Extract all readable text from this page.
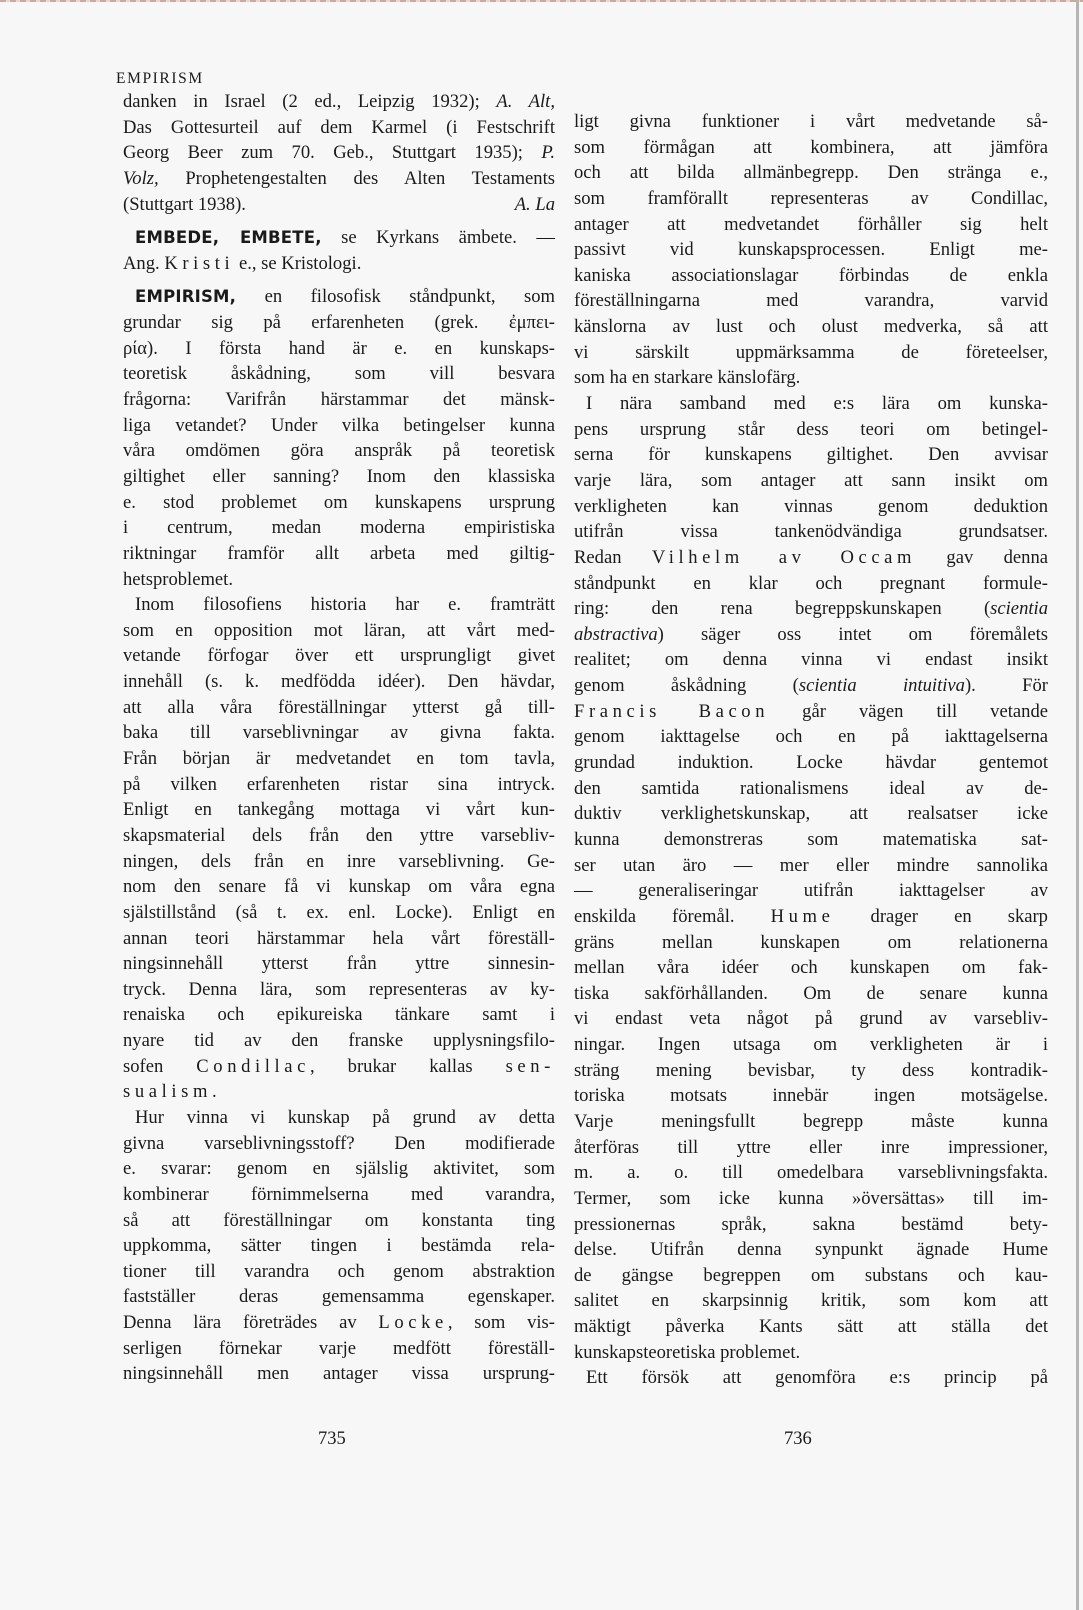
EMPIRISM
danken in Israel (2 ed., Leipzig 1932); A. Alt,
Das Gottesurteil auf dem Karmel (i Festschrift
Georg Beer zum 70. Geb., Stuttgart 1935); P.
Volz, Prophetengestalten des Alten Testaments
(Stuttgart 1938).	A. La
EMBEDE, EMBETE, se Kyrkans ämbete. —
Ang. Kristi e., se Kristologi.
EMPIRISM, en filosofisk ståndpunkt, som
grundar sig på erfarenheten (grek. ἐμπει-
ρία). I första hand är e. en kunskaps-
teoretisk åskådning, som vill besvara
frågorna: Varifrån härstammar det mänsk-
liga vetandet? Under vilka betingelser kunna
våra omdömen göra anspråk på teoretisk
giltighet eller sanning? Inom den klassiska
e. stod problemet om kunskapens ursprung
i centrum, medan moderna empiristiska
riktningar framför allt arbeta med giltig-
hetsproblemet.
Inom filosofiens historia har e. framträtt
som en opposition mot läran, att vårt med-
vetande förfogar över ett ursprungligt givet
innehåll (s. k. medfödda idéer). Den hävdar,
att alla våra föreställningar ytterst gå till-
baka till varseblivningar av givna fakta.
Från början är medvetandet en tom tavla,
på vilken erfarenheten ristar sina intryck.
Enligt en tankegång mottaga vi vårt kun-
skapsmaterial dels från den yttre varsebliv-
ningen, dels från en inre varseblivning. Ge-
nom den senare få vi kunskap om våra egna
själstillstånd (så t. ex. enl. Locke). Enligt en
annan teori härstammar hela vårt föreställ-
ningsinnehåll ytterst från yttre sinnesin-
tryck. Denna lära, som representeras av ky-
renaiska och epikureiska tänkare samt i
nyare tid av den franske upplysningsfilo-
sofen Condillac, brukar kallas sen-
sualism.
Hur vinna vi kunskap på grund av detta
givna varseblivningsstoff? Den modifierade
e. svarar: genom en själslig aktivitet, som
kombinerar förnimmelserna med varandra,
så att föreställningar om konstanta ting
uppkomma, sätter tingen i bestämda rela-
tioner till varandra och genom abstraktion
fastställer deras gemensamma egenskaper.
Denna lära företrädes av Locke, som vis-
serligen förnekar varje medfött föreställ-
ningsinnehåll men antager vissa ursprung-
ligt givna funktioner i vårt medvetande så-
som förmågan att kombinera, att jämföra
och att bilda allmänbegrepp. Den stränga e.,
som framförallt representeras av Condillac,
antager att medvetandet förhåller sig helt
passivt vid kunskapsprocessen. Enligt me-
kaniska associationslagar förbindas de enkla
föreställningarna med varandra, varvid
känslorna av lust och olust medverka, så att
vi särskilt uppmärksamma de företeelser,
som ha en starkare känslofärg.
I nära samband med e:s lära om kunska-
pens ursprung står dess teori om betingel-
serna för kunskapens giltighet. Den avvisar
varje lära, som antager att sann insikt om
verkligheten kan vinnas genom deduktion
utifrån vissa tankenödvändiga grundsatser.
Redan Vilhelm av Occam gav denna
ståndpunkt en klar och pregnant formule-
ring: den rena begreppskunskapen (scientia
abstractiva) säger oss intet om föremålets
realitet; om denna vinna vi endast insikt
genom åskådning (scientia intuitiva). För
Francis Bacon går vägen till vetande
genom iakttagelse och en på iakttagelserna
grundad induktion. Locke hävdar gentemot
den samtida rationalismens ideal av de-
duktiv verklighetskunskap, att realsatser icke
kunna demonstreras som matematiska sat-
ser utan äro — mer eller mindre sannolika
— generaliseringar utifrån iakttagelser av
enskilda föremål. Hume drager en skarp
gräns mellan kunskapen om relationerna
mellan våra idéer och kunskapen om fak-
tiska sakförhållanden. Om de senare kunna
vi endast veta något på grund av varsebliv-
ningar. Ingen utsaga om verkligheten är i
sträng mening bevisbar, ty dess kontradik-
toriska motsats innebär ingen motsägelse.
Varje meningsfullt begrepp måste kunna
återföras till yttre eller inre impressioner,
m. a. o. till omedelbara varseblivningsfakta.
Termer, som icke kunna »översättas» till im-
pressionernas språk, sakna bestämd bety-
delse. Utifrån denna synpunkt ägnade Hume
de gängse begreppen om substans och kau-
salitet en skarpsinnig kritik, som kom att
mäktigt påverka Kants sätt att ställa det
kunskapsteoretiska problemet.
Ett försök att genomföra e:s princip på
735	736
